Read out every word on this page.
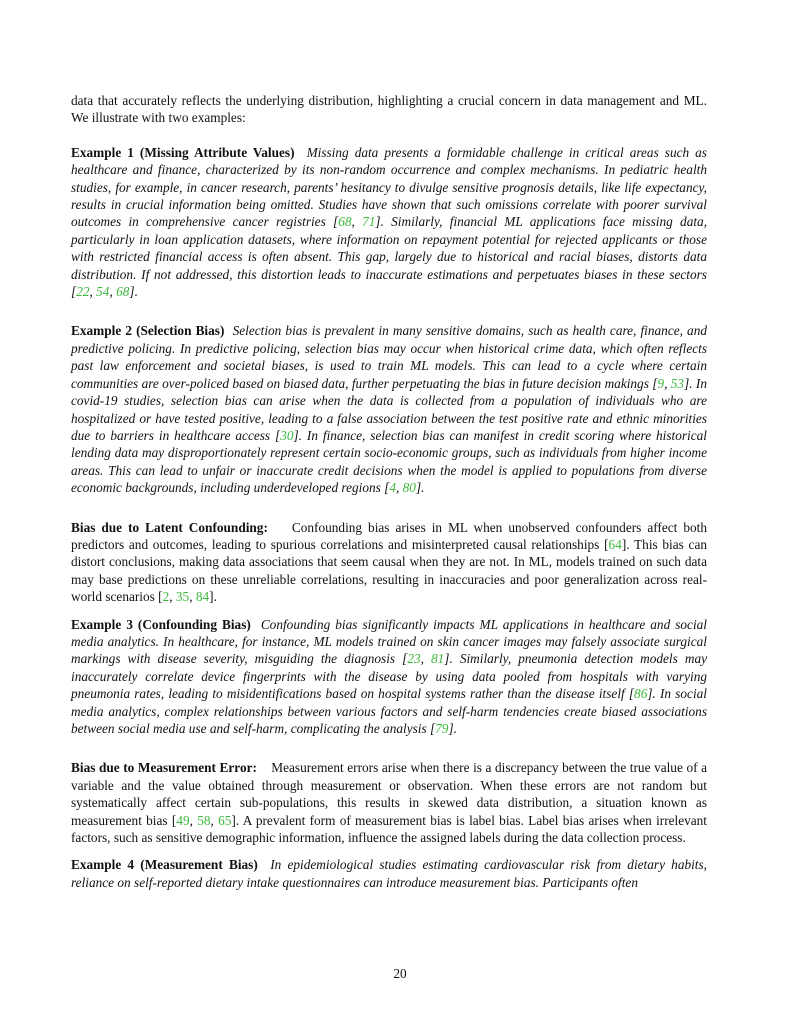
data that accurately reflects the underlying distribution, highlighting a crucial concern in data management and ML. We illustrate with two examples:

Example 1 (Missing Attribute Values) Missing data presents a formidable challenge in critical areas such as healthcare and finance, characterized by its non-random occurrence and complex mechanisms. In pediatric health studies, for example, in cancer research, parents’ hesitancy to divulge sensitive prognosis details, like life expectancy, results in crucial information being omitted. Studies have shown that such omissions correlate with poorer survival outcomes in comprehensive cancer registries [68, 71]. Similarly, financial ML applications face missing data, particularly in loan application datasets, where information on repayment potential for rejected applicants or those with restricted financial access is often absent. This gap, largely due to historical and racial biases, distorts data distribution. If not addressed, this distortion leads to inaccurate estimations and perpetuates biases in these sectors [22, 54, 68].

Example 2 (Selection Bias) Selection bias is prevalent in many sensitive domains, such as health care, finance, and predictive policing. In predictive policing, selection bias may occur when historical crime data, which often reflects past law enforcement and societal biases, is used to train ML models. This can lead to a cycle where certain communities are over-policed based on biased data, further perpetuating the bias in future decision makings [9, 53]. In covid-19 studies, selection bias can arise when the data is collected from a population of individuals who are hospitalized or have tested positive, leading to a false association between the test positive rate and ethnic minorities due to barriers in healthcare access [30]. In finance, selection bias can manifest in credit scoring where historical lending data may disproportionately represent certain socio-economic groups, such as individuals from higher income areas. This can lead to unfair or inaccurate credit decisions when the model is applied to populations from diverse economic backgrounds, including underdeveloped regions [4, 80].

Bias due to Latent Confounding: Confounding bias arises in ML when unobserved confounders affect both predictors and outcomes, leading to spurious correlations and misinterpreted causal relationships [64]. This bias can distort conclusions, making data associations that seem causal when they are not. In ML, models trained on such data may base predictions on these unreliable correlations, resulting in inaccuracies and poor generalization across real-world scenarios [2, 35, 84].

Example 3 (Confounding Bias) Confounding bias significantly impacts ML applications in healthcare and social media analytics. In healthcare, for instance, ML models trained on skin cancer images may falsely associate surgical markings with disease severity, misguiding the diagnosis [23, 81]. Similarly, pneumonia detection models may inaccurately correlate device fingerprints with the disease by using data pooled from hospitals with varying pneumonia rates, leading to misidentifications based on hospital systems rather than the disease itself [86]. In social media analytics, complex relationships between various factors and self-harm tendencies create biased associations between social media use and self-harm, complicating the analysis [79].

Bias due to Measurement Error: Measurement errors arise when there is a discrepancy between the true value of a variable and the value obtained through measurement or observation. When these errors are not random but systematically affect certain sub-populations, this results in skewed data distribution, a situation known as measurement bias [49, 58, 65]. A prevalent form of measurement bias is label bias. Label bias arises when irrelevant factors, such as sensitive demographic information, influence the assigned labels during the data collection process.

Example 4 (Measurement Bias) In epidemiological studies estimating cardiovascular risk from dietary habits, reliance on self-reported dietary intake questionnaires can introduce measurement bias. Participants often

20
